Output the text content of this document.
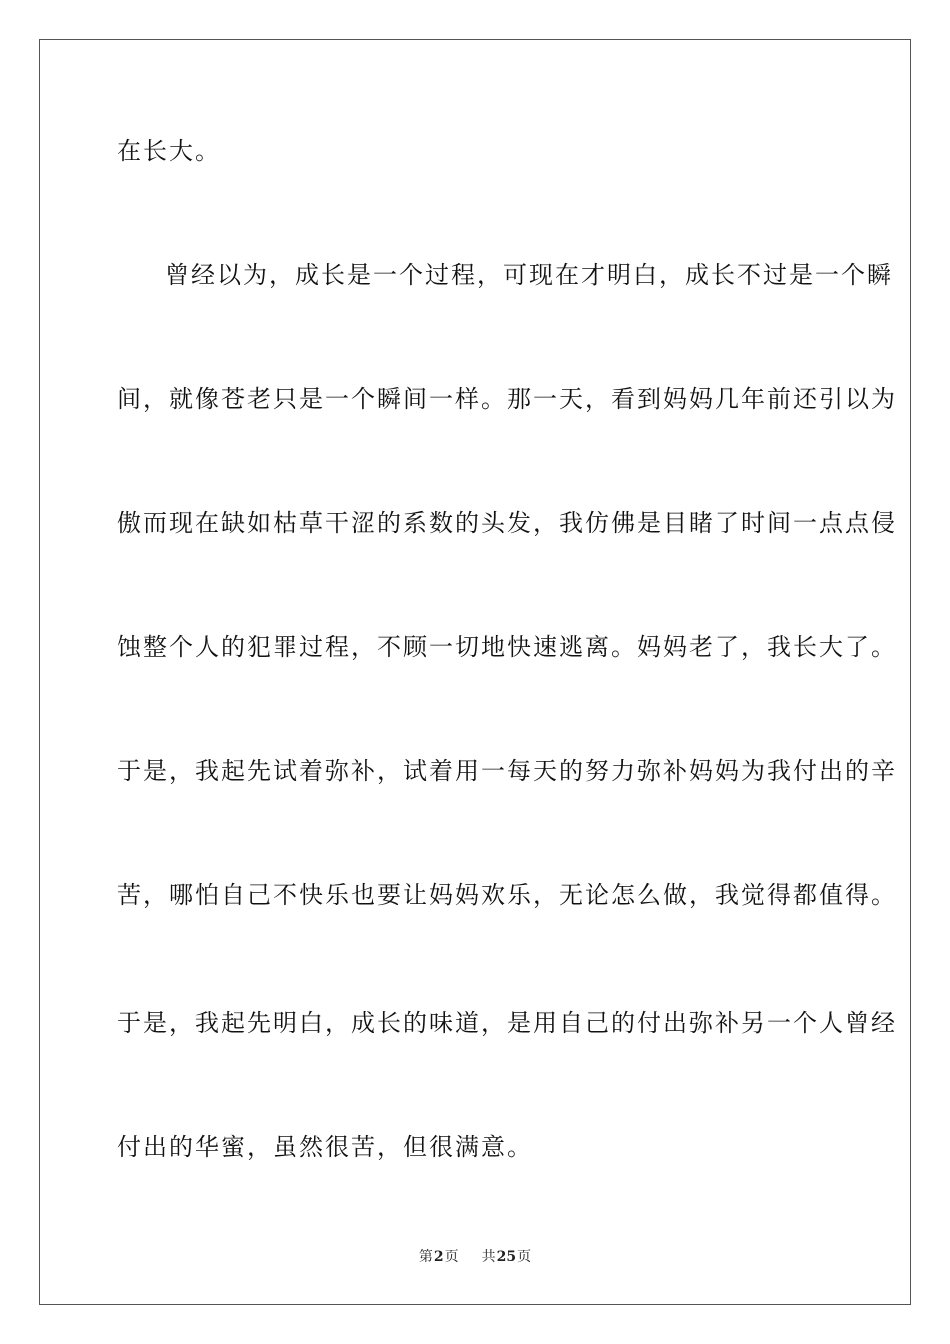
在长大。

曾经以为，成长是一个过程，可现在才明白，成长不过是一个瞬

间，就像苍老只是一个瞬间一样。那一天，看到妈妈几年前还引以为

傲而现在缺如枯草干涩的系数的头发，我仿佛是目睹了时间一点点侵

蚀整个人的犯罪过程，不顾一切地快速逃离。妈妈老了，我长大了。

于是，我起先试着弥补，试着用一每天的努力弥补妈妈为我付出的辛

苦，哪怕自己不快乐也要让妈妈欢乐，无论怎么做，我觉得都值得。

于是，我起先明白，成长的味道，是用自己的付出弥补另一个人曾经

付出的华蜜，虽然很苦，但很满意。

第2页 共25页
